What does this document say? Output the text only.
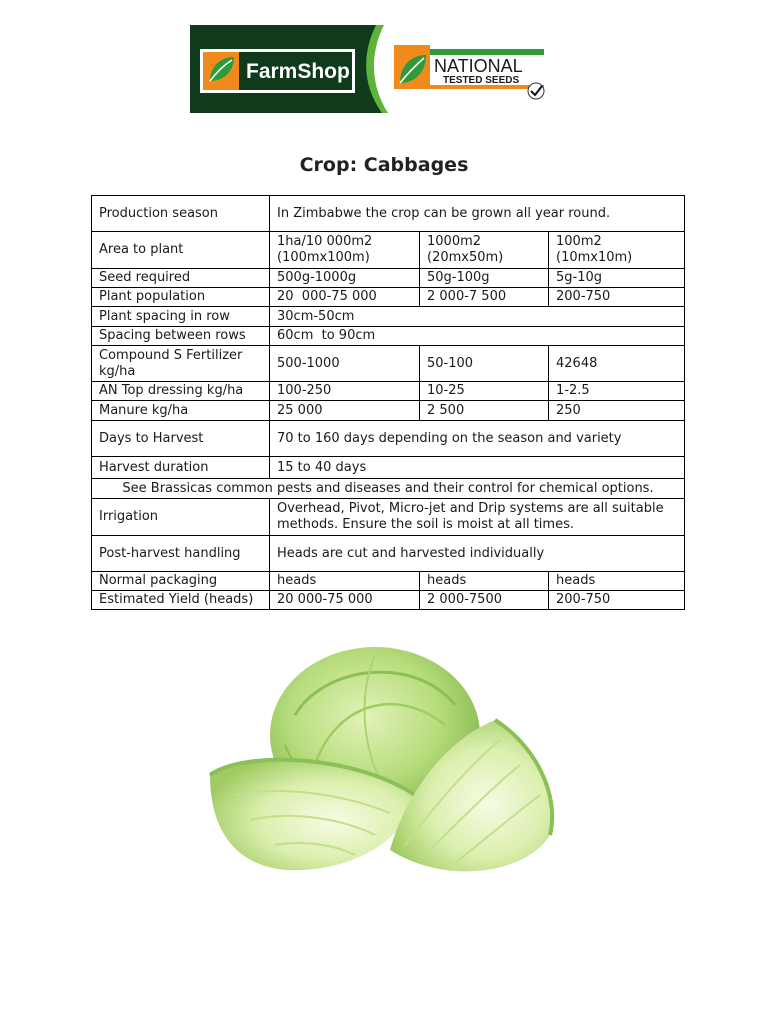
FarmShop	NATIONAL
TESTED SEEDS
Crop: Cabbages
Production season	In Zimbabwe the crop can be grown all year round.		
Area to plant	1ha/10 000m2 (100mx100m)	1000m2 (20mx50m)	100m2 (10mx10m)
Seed required	500g-1000g	50g-100g	5g-10g
Plant population	20  000-75 000	2 000-7 500	200-750
Plant spacing in row	30cm-50cm		
Spacing between rows	60cm  to 90cm		
Compound S Fertilizer kg/ha	500-1000	50-100	42648
AN Top dressing kg/ha	100-250	10-25	1-2.5
Manure kg/ha	25 000	2 500	250
Days to Harvest	70 to 160 days depending on the season and variety		
Harvest duration	15 to 40 days		
See Brassicas common pests and diseases and their control for chemical options.			
Irrigation	Overhead, Pivot, Micro-jet and Drip systems are all suitable methods. Ensure the soil is moist at all times.		
Post-harvest handling	Heads are cut and harvested individually		
Normal packaging	heads	heads	heads
Estimated Yield (heads)	20 000-75 000	2 000-7500	200-750
